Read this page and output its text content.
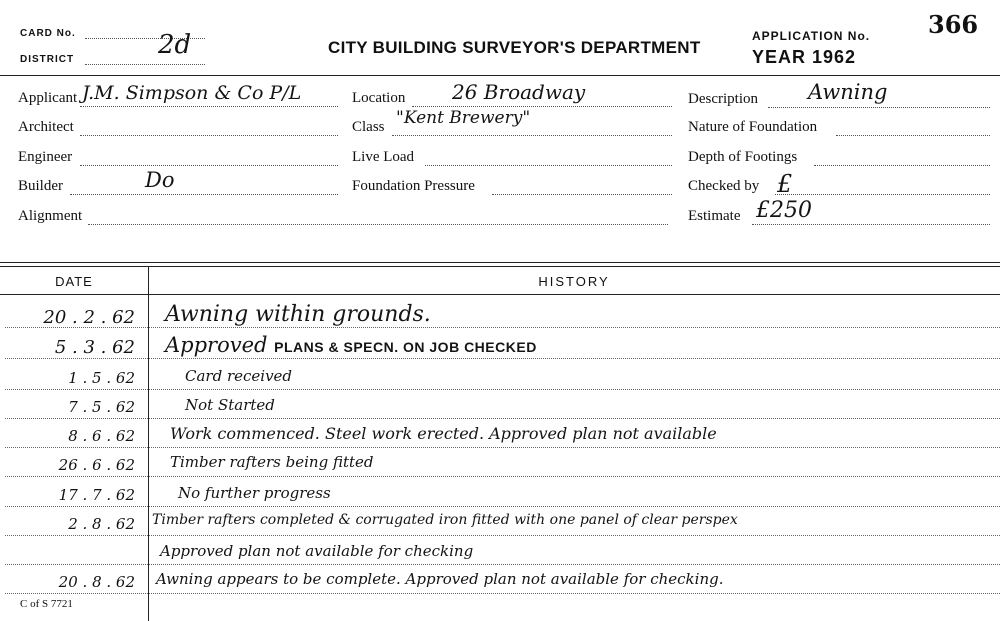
CARD No.
DISTRICT	2d	CITY BUILDING SURVEYOR'S DEPARTMENT
APPLICATION No.
YEAR 1962
366
Applicant J.M. Simpson & Co P/L
Architect
Engineer
Builder	Do
Alignment
Location 26 Broadway
Class "Kent Brewery"
Live Load
Foundation Pressure
Description Awning
Nature of Foundation
Depth of Footings
Checked by £
Estimate £250
DATE	HISTORY
20 . 2 . 62 Awning within grounds.
5 . 3 . 62 Approved PLANS & SPECN. ON JOB CHECKED
1 . 5 . 62	Card received
7 . 5 . 62	Not Started
8 . 6 . 62 Work commenced. Steel work erected. Approved plan not available
26 . 6 . 62 Timber rafters being fitted
17 . 7 . 62	No further progress
2 . 8 . 62 Timber rafters completed & corrugated iron fitted with one panel of clear perspex
Approved plan not available for checking
20 . 8 . 62 Awning appears to be complete. Approved plan not available for checking.
C of S 7721
